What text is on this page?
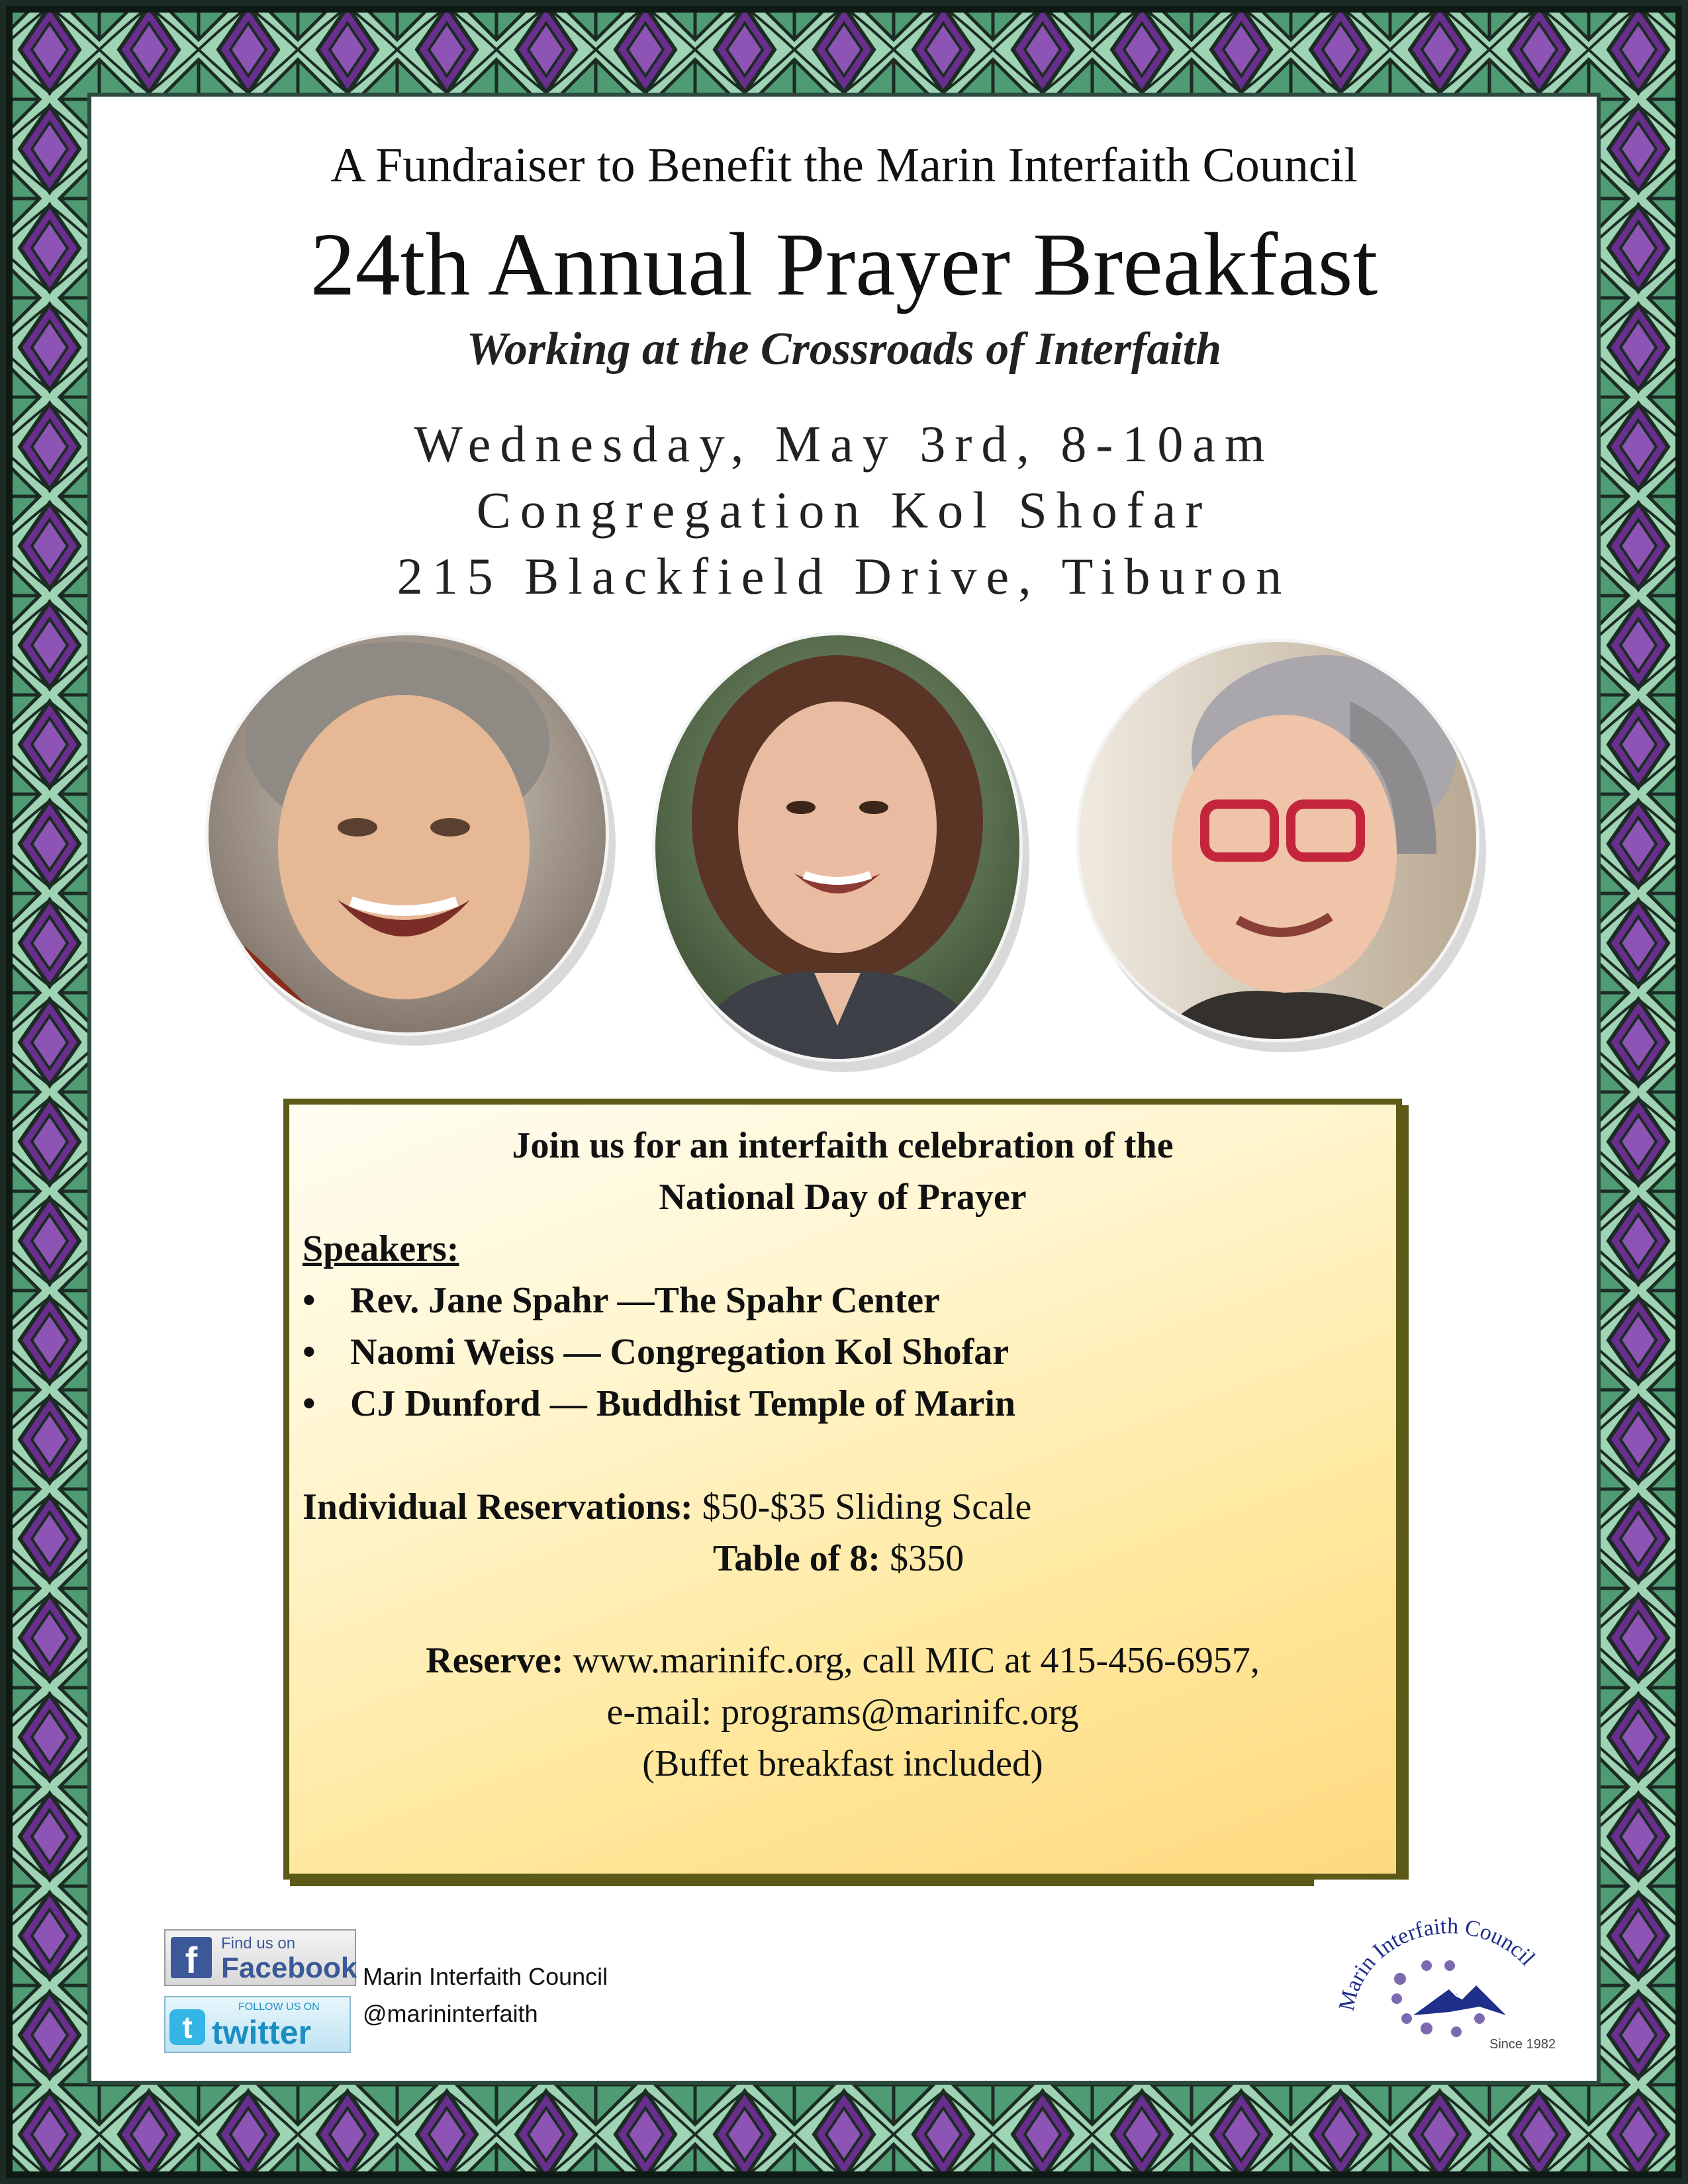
A Fundraiser to Benefit the Marin Interfaith Council
24th Annual Prayer Breakfast
Working at the Crossroads of Interfaith
Wednesday, May 3rd, 8-10am
Congregation Kol Shofar
215 Blackfield Drive, Tiburon
Join us for an interfaith celebration of the
National Day of Prayer
Speakers:
• Rev. Jane Spahr —The Spahr Center
• Naomi Weiss — Congregation Kol Shofar
• CJ Dunford — Buddhist Temple of Marin
Individual Reservations: $50-$35 Sliding Scale
Table of 8: $350
Reserve: www.marinifc.org, call MIC at 415-456-6957,
e-mail: programs@marinifc.org
(Buffet breakfast included)
f	Find us on
Facebook Marin Interfaith Council
t
FOLLOW US ON
twitter
@marininterfaith	Marin Interfaith Council
Since 1982
